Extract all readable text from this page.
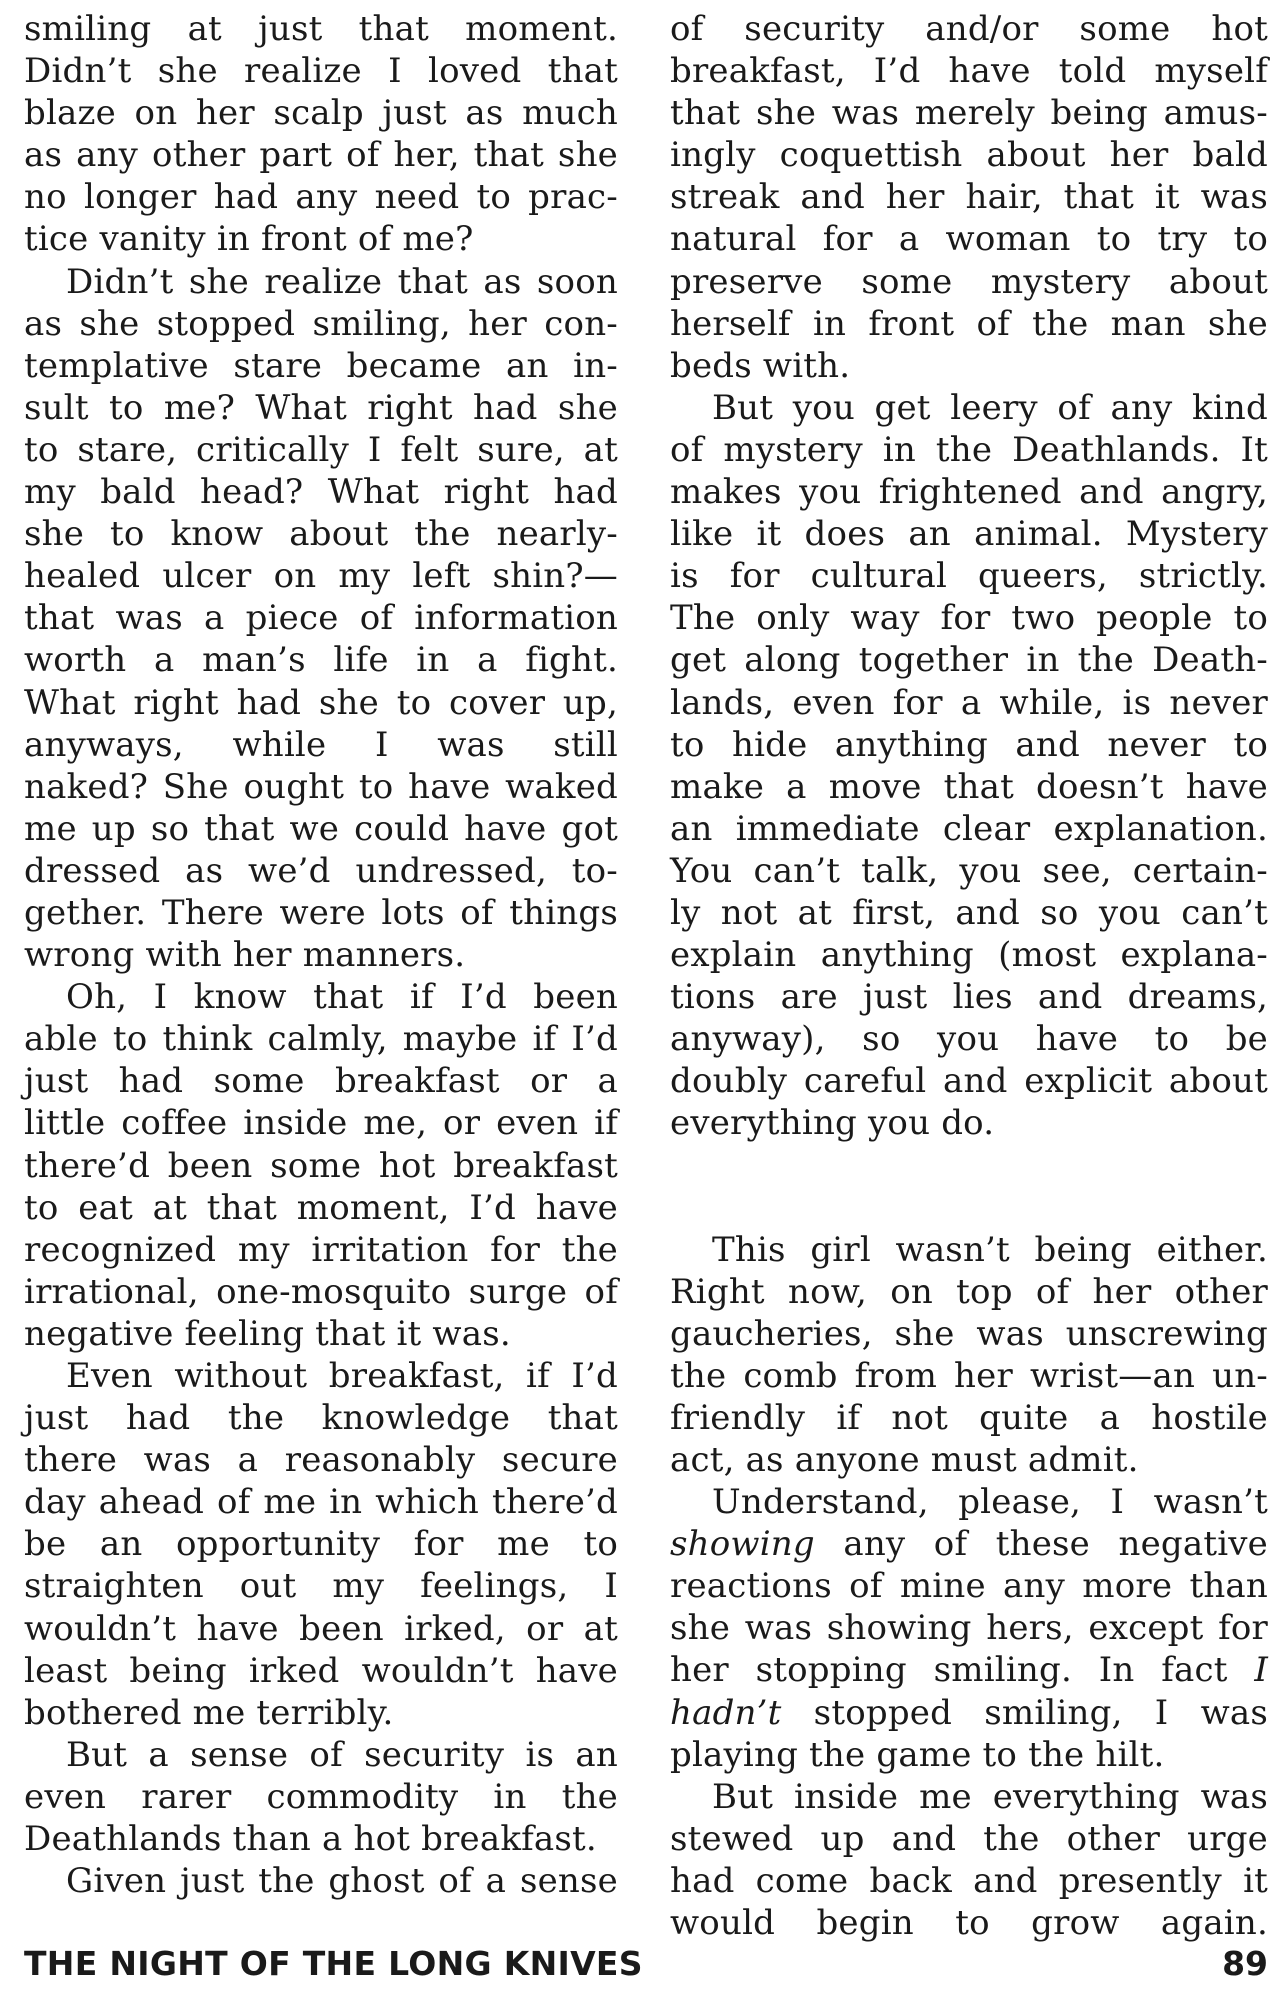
smiling at just that moment.
Didn’t she realize I loved that
blaze on her scalp just as much
as any other part of her, that she
no longer had any need to prac-
tice vanity in front of me?
Didn’t she realize that as soon
as she stopped smiling, her con-
templative stare became an in-
sult to me? What right had she
to stare, critically I felt sure, at
my bald head? What right had
she to know about the nearly-
healed ulcer on my left shin?—
that was a piece of information
worth a man’s life in a fight.
What right had she to cover up,
anyways, while I was still
naked? She ought to have waked
me up so that we could have got
dressed as we’d undressed, to-
gether. There were lots of things
wrong with her manners.
Oh, I know that if I’d been
able to think calmly, maybe if I’d
just had some breakfast or a
little coffee inside me, or even if
there’d been some hot breakfast
to eat at that moment, I’d have
recognized my irritation for the
irrational, one-mosquito surge of
negative feeling that it was.
Even without breakfast, if I’d
just had the knowledge that
there was a reasonably secure
day ahead of me in which there’d
be an opportunity for me to
straighten out my feelings, I
wouldn’t have been irked, or at
least being irked wouldn’t have
bothered me terribly.
But a sense of security is an
even rarer commodity in the
Deathlands than a hot breakfast.
Given just the ghost of a sense
of security and/or some hot
breakfast, I’d have told myself
that she was merely being amus-
ingly coquettish about her bald
streak and her hair, that it was
natural for a woman to try to
preserve some mystery about
herself in front of the man she
beds with.
But you get leery of any kind
of mystery in the Deathlands. It
makes you frightened and angry,
like it does an animal. Mystery
is for cultural queers, strictly.
The only way for two people to
get along together in the Death-
lands, even for a while, is never
to hide anything and never to
make a move that doesn’t have
an immediate clear explanation.
You can’t talk, you see, certain-
ly not at first, and so you can’t
explain anything (most explana-
tions are just lies and dreams,
anyway), so you have to be
doubly careful and explicit about
everything you do.
This girl wasn’t being either.
Right now, on top of her other
gaucheries, she was unscrewing
the comb from her wrist—an un-
friendly if not quite a hostile
act, as anyone must admit.
Understand, please, I wasn’t
showing any of these negative
reactions of mine any more than
she was showing hers, except for
her stopping smiling. In fact I
hadn’t stopped smiling, I was
playing the game to the hilt.
But inside me everything was
stewed up and the other urge
had come back and presently it
would begin to grow again.
THE NIGHT OF THE LONG KNIVES	89
